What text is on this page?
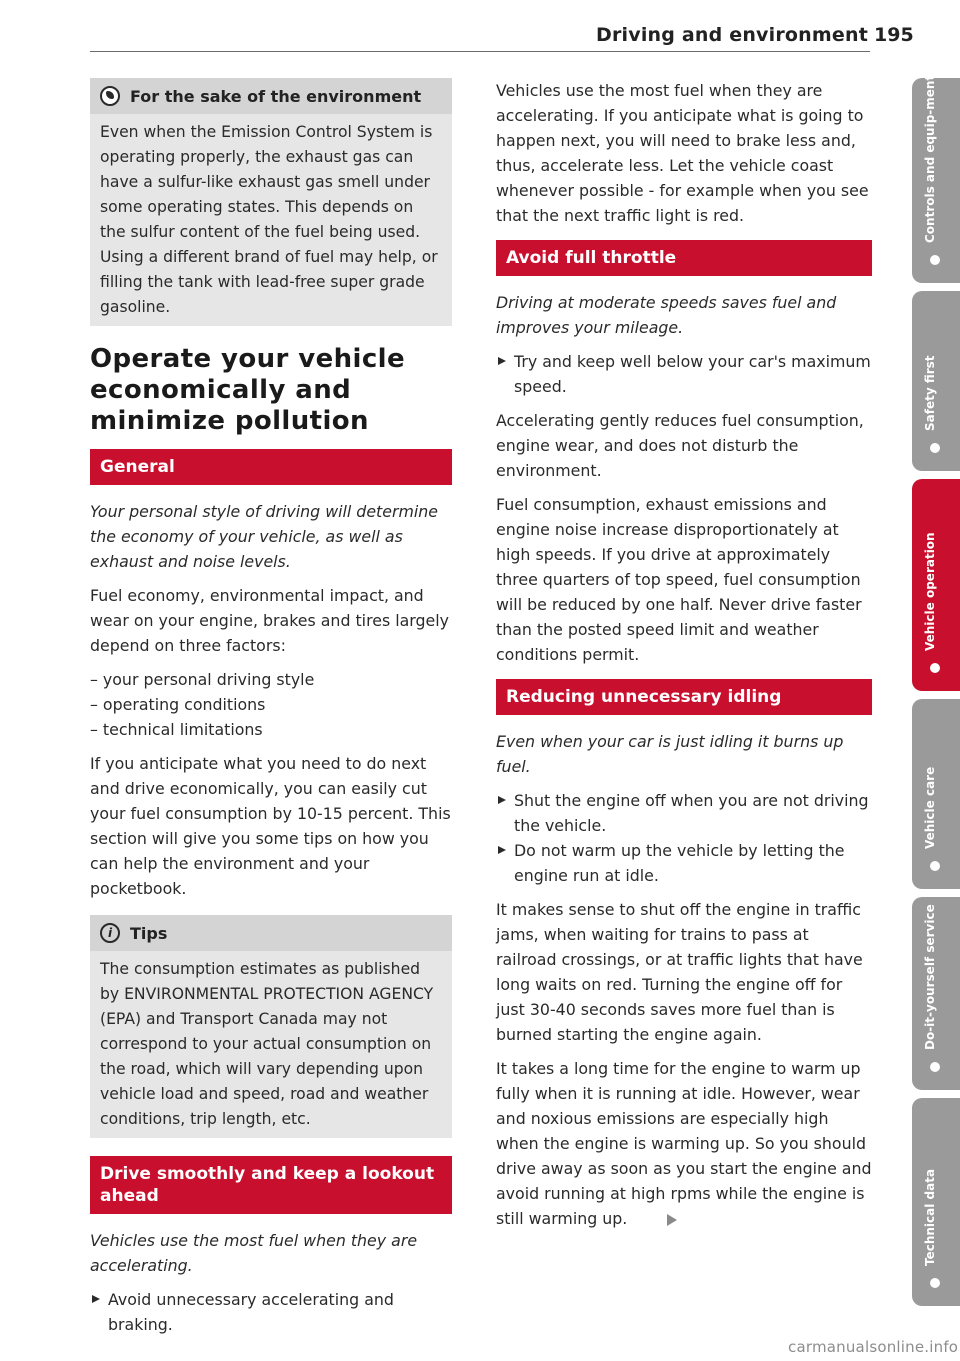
Driving and environment 195
For the sake of the environment

Even when the Emission Control System is operating properly, the exhaust gas can have a sulfur-like exhaust gas smell under some operating states. This depends on the sulfur content of the fuel being used. Using a different brand of fuel may help, or filling the tank with lead-free super grade gasoline.

Operate your vehicle economically and minimize pollution
General

Your personal style of driving will determine the economy of your vehicle, as well as exhaust and noise levels.

Fuel economy, environmental impact, and wear on your engine, brakes and tires largely depend on three factors:

– your personal driving style
– operating conditions
– technical limitations

If you anticipate what you need to do next and drive economically, you can easily cut your fuel consumption by 10-15 percent. This section will give you some tips on how you can help the environment and your pocketbook.

i	Tips

The consumption estimates as published by ENVIRONMENTAL PROTECTION AGENCY (EPA) and Transport Canada may not correspond to your actual consumption on the road, which will vary depending upon vehicle load and speed, road and weather conditions, trip length, etc.

Drive smoothly and keep a lookout ahead

Vehicles use the most fuel when they are accelerating.

Avoid unnecessary accelerating and braking.

Vehicles use the most fuel when they are accelerating. If you anticipate what is going to happen next, you will need to brake less and, thus, accelerate less. Let the vehicle coast whenever possible - for example when you see that the next traffic light is red.

Avoid full throttle

Driving at moderate speeds saves fuel and improves your mileage.

Try and keep well below your car's maximum speed.

Accelerating gently reduces fuel consumption, engine wear, and does not disturb the environment.

Fuel consumption, exhaust emissions and engine noise increase disproportionately at high speeds. If you drive at approximately three quarters of top speed, fuel consumption will be reduced by one half. Never drive faster than the posted speed limit and weather conditions permit.

Reducing unnecessary idling

Even when your car is just idling it burns up fuel.

Shut the engine off when you are not driving the vehicle.
Do not warm up the vehicle by letting the engine run at idle.

It makes sense to shut off the engine in traffic jams, when waiting for trains to pass at railroad crossings, or at traffic lights that have long waits on red. Turning the engine off for just 30-40 seconds saves more fuel than is burned starting the engine again.

It takes a long time for the engine to warm up fully when it is running at idle. However, wear and noxious emissions are especially high when the engine is warming up. So you should drive away as soon as you start the engine and avoid running at high rpms while the engine is still warming up.

Controls and equip-ment
Safety first
Vehicle operation
Vehicle care
Do-it-yourself service
Technical data
carmanualsonline.info
